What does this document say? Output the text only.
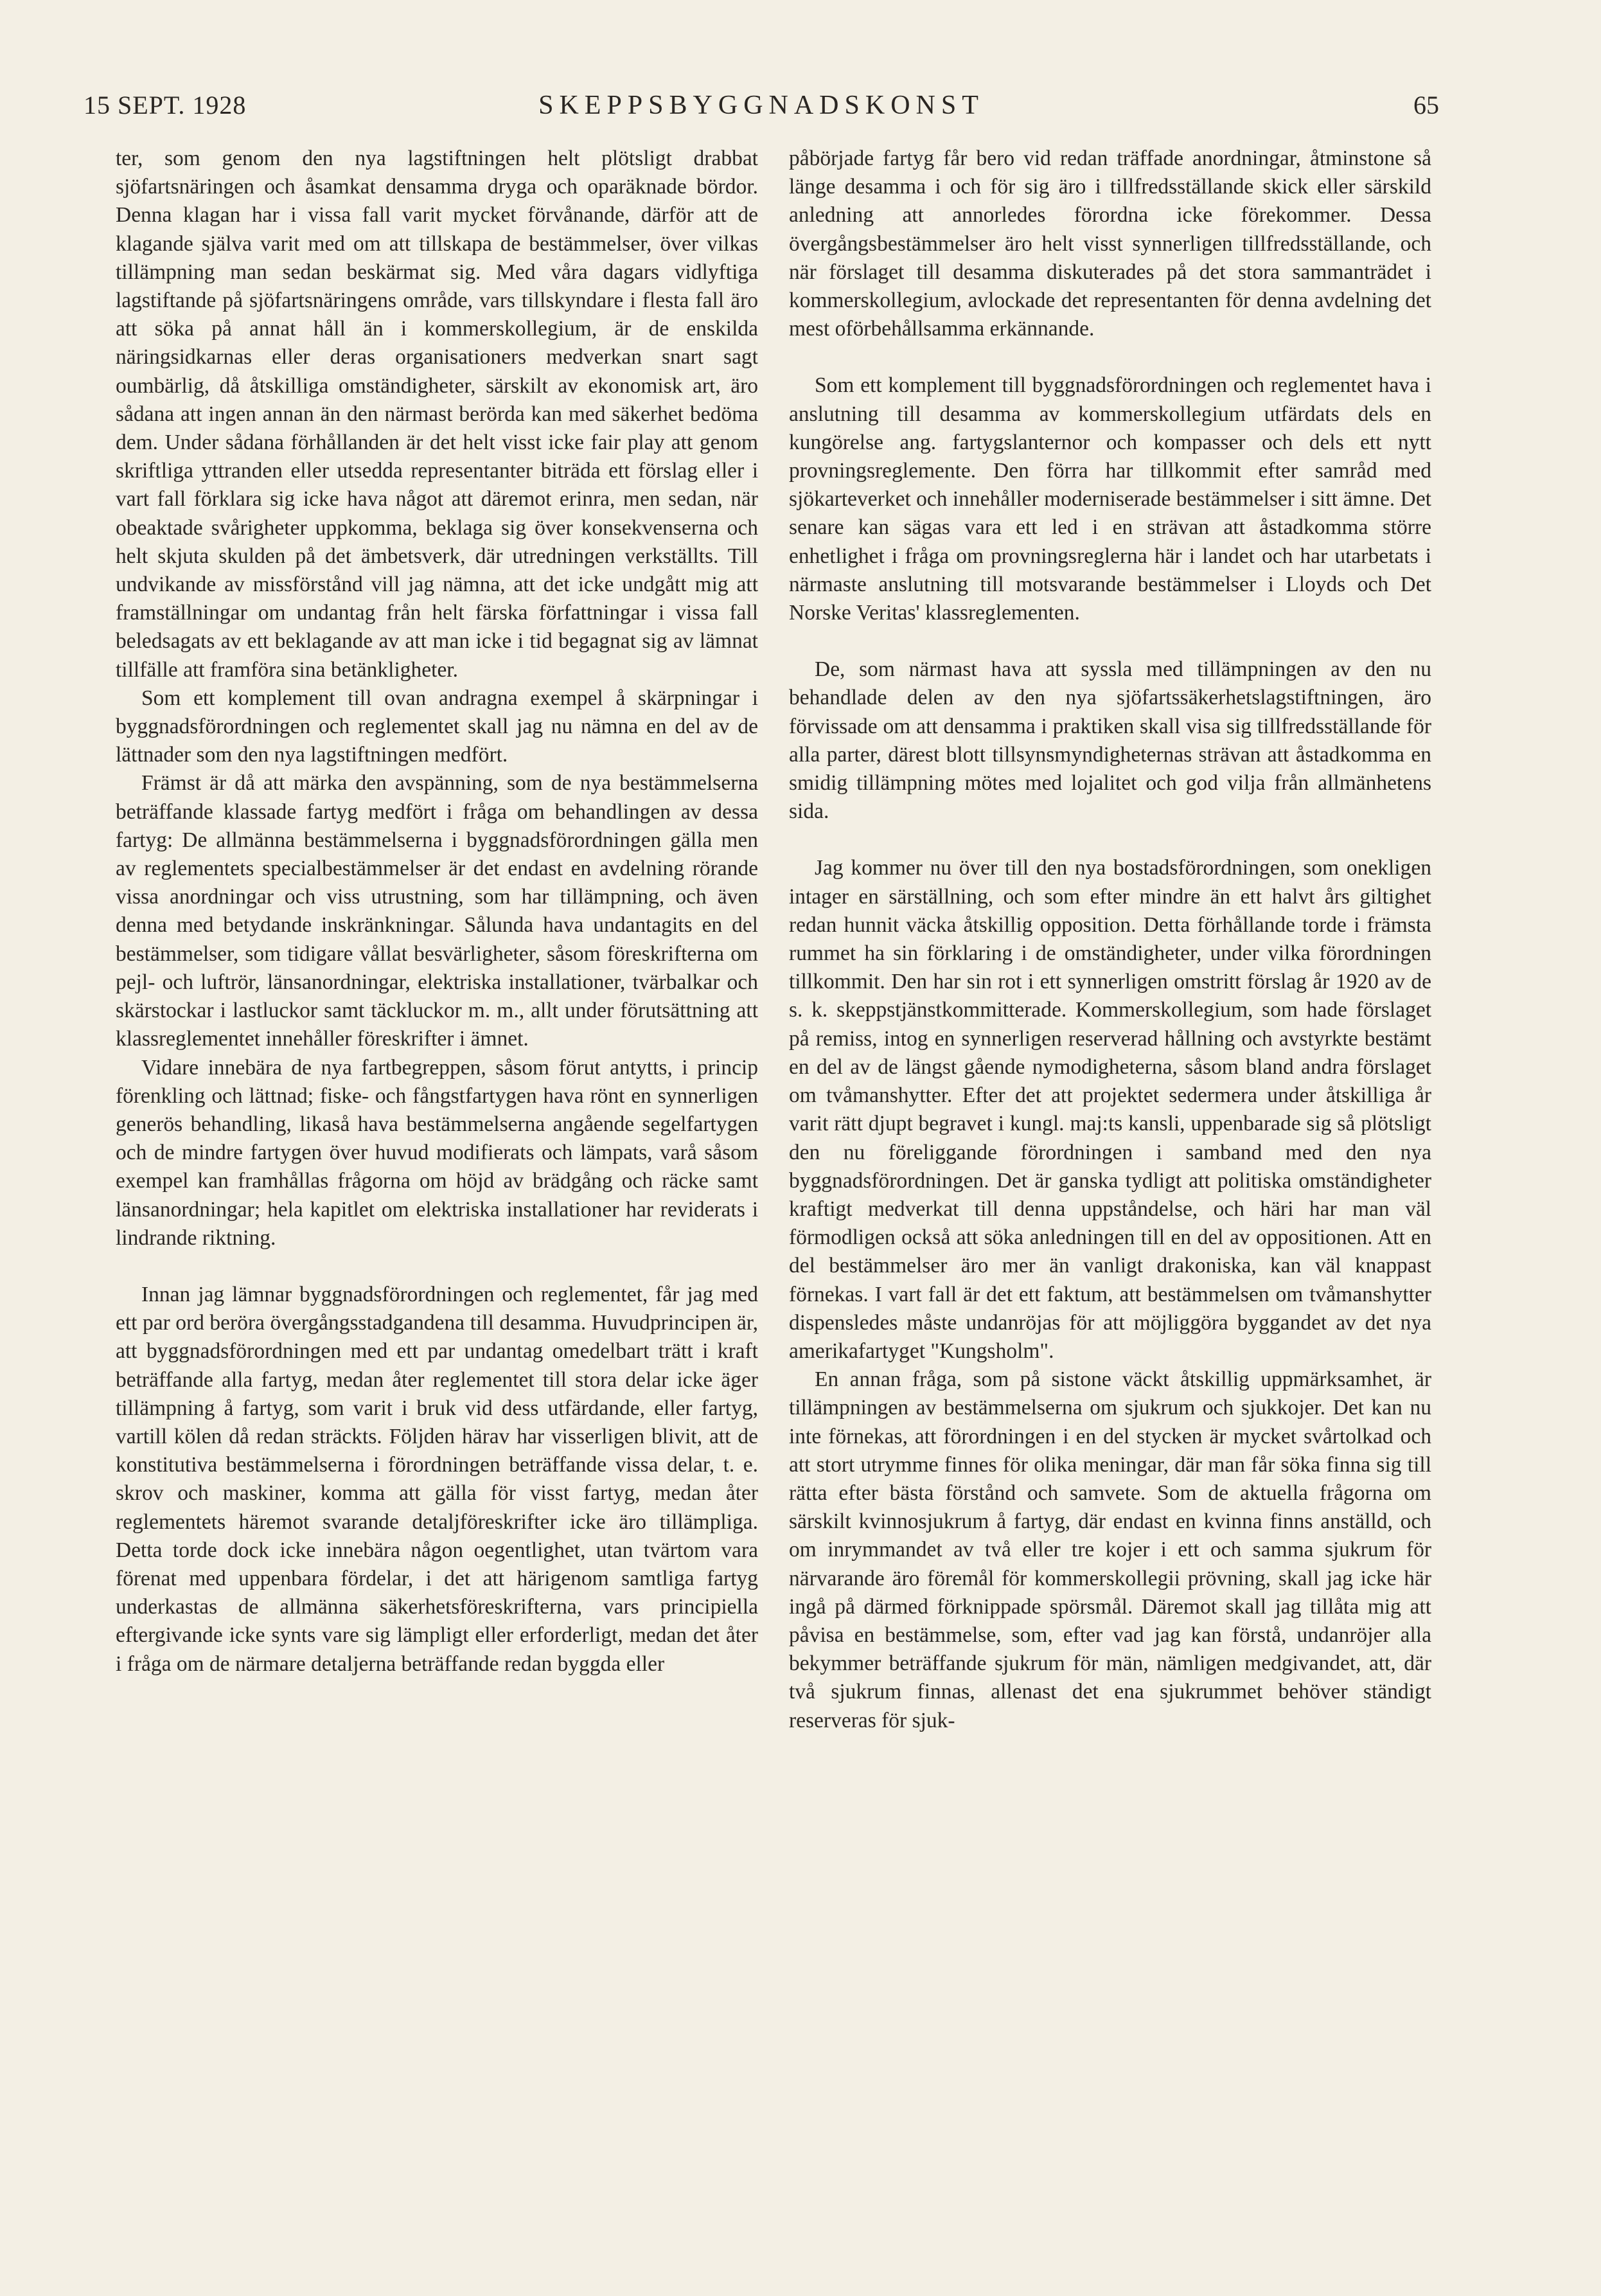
15 SEPT. 1928	SKEPPSBYGGNADSKONST	65

ter, som genom den nya lagstiftningen helt plötsligt drabbat sjöfartsnäringen och åsamkat densamma dryga och oparäknade bördor. Denna klagan har i vissa fall varit mycket förvånande, därför att de klagande själva varit med om att tillskapa de bestämmelser, över vilkas tillämpning man sedan beskärmat sig. Med våra dagars vidlyftiga lagstiftande på sjöfartsnäringens område, vars tillskyndare i flesta fall äro att söka på annat håll än i kommerskollegium, är de enskilda näringsidkarnas eller deras organisationers medverkan snart sagt oumbärlig, då åtskilliga omständigheter, särskilt av ekonomisk art, äro sådana att ingen annan än den närmast berörda kan med säkerhet bedöma dem. Under sådana förhållanden är det helt visst icke fair play att genom skriftliga yttranden eller utsedda representanter biträda ett förslag eller i vart fall förklara sig icke hava något att däremot erinra, men sedan, när obeaktade svårigheter uppkomma, beklaga sig över konsekvenserna och helt skjuta skulden på det ämbetsverk, där utredningen verkställts. Till undvikande av missförstånd vill jag nämna, att det icke undgått mig att framställningar om undantag från helt färska författningar i vissa fall beledsagats av ett beklagande av att man icke i tid begagnat sig av lämnat tillfälle att framföra sina betänkligheter.

Som ett komplement till ovan andragna exempel å skärpningar i byggnadsförordningen och reglementet skall jag nu nämna en del av de lättnader som den nya lagstiftningen medfört.

Främst är då att märka den avspänning, som de nya bestämmelserna beträffande klassade fartyg medfört i fråga om behandlingen av dessa fartyg: De allmänna bestämmelserna i byggnadsförordningen gälla men av reglementets specialbestämmelser är det endast en avdelning rörande vissa anordningar och viss utrustning, som har tillämpning, och även denna med betydande inskränkningar. Sålunda hava undantagits en del bestämmelser, som tidigare vållat besvärligheter, såsom föreskrifterna om pejl- och luftrör, länsanordningar, elektriska installationer, tvärbalkar och skärstockar i lastluckor samt täckluckor m. m., allt under förutsättning att klassreglementet innehåller föreskrifter i ämnet.

Vidare innebära de nya fartbegreppen, såsom förut antytts, i princip förenkling och lättnad; fiske- och fångstfartygen hava rönt en synnerligen generös behandling, likaså hava bestämmelserna angående segelfartygen och de mindre fartygen över huvud modifierats och lämpats, varå såsom exempel kan framhållas frågorna om höjd av brädgång och räcke samt länsanordningar; hela kapitlet om elektriska installationer har reviderats i lindrande riktning.

Innan jag lämnar byggnadsförordningen och reglementet, får jag med ett par ord beröra övergångsstadgandena till desamma. Huvudprincipen är, att byggnadsförordningen med ett par undantag omedelbart trätt i kraft beträffande alla fartyg, medan åter reglementet till stora delar icke äger tillämpning å fartyg, som varit i bruk vid dess utfärdande, eller fartyg, vartill kölen då redan sträckts. Följden härav har visserligen blivit, att de konstitutiva bestämmelserna i förordningen beträffande vissa delar, t. e. skrov och maskiner, komma att gälla för visst fartyg, medan åter reglementets häremot svarande detaljföreskrifter icke äro tillämpliga. Detta torde dock icke innebära någon oegentlighet, utan tvärtom vara förenat med uppenbara fördelar, i det att härigenom samtliga fartyg underkastas de allmänna säkerhetsföreskrifterna, vars principiella eftergivande icke synts vare sig lämpligt eller erforderligt, medan det åter i fråga om de närmare detaljerna beträffande redan byggda eller

påbörjade fartyg får bero vid redan träffade anordningar, åtminstone så länge desamma i och för sig äro i tillfredsställande skick eller särskild anledning att annorledes förordna icke förekommer. Dessa övergångsbestämmelser äro helt visst synnerligen tillfredsställande, och när förslaget till desamma diskuterades på det stora sammanträdet i kommerskollegium, avlockade det representanten för denna avdelning det mest oförbehållsamma erkännande.

Som ett komplement till byggnadsförordningen och reglementet hava i anslutning till desamma av kommerskollegium utfärdats dels en kungörelse ang. fartygslanternor och kompasser och dels ett nytt provningsreglemente. Den förra har tillkommit efter samråd med sjökarteverket och innehåller moderniserade bestämmelser i sitt ämne. Det senare kan sägas vara ett led i en strävan att åstadkomma större enhetlighet i fråga om provningsreglerna här i landet och har utarbetats i närmaste anslutning till motsvarande bestämmelser i Lloyds och Det Norske Veritas' klassreglementen.

De, som närmast hava att syssla med tillämpningen av den nu behandlade delen av den nya sjöfartssäkerhetslagstiftningen, äro förvissade om att densamma i praktiken skall visa sig tillfredsställande för alla parter, därest blott tillsynsmyndigheternas strävan att åstadkomma en smidig tillämpning mötes med lojalitet och god vilja från allmänhetens sida.

Jag kommer nu över till den nya bostadsförordningen, som onekligen intager en särställning, och som efter mindre än ett halvt års giltighet redan hunnit väcka åtskillig opposition. Detta förhållande torde i främsta rummet ha sin förklaring i de omständigheter, under vilka förordningen tillkommit. Den har sin rot i ett synnerligen omstritt förslag år 1920 av de s. k. skeppstjänstkommitterade. Kommerskollegium, som hade förslaget på remiss, intog en synnerligen reserverad hållning och avstyrkte bestämt en del av de längst gående nymodigheterna, såsom bland andra förslaget om tvåmanshytter. Efter det att projektet sedermera under åtskilliga år varit rätt djupt begravet i kungl. maj:ts kansli, uppenbarade sig så plötsligt den nu föreliggande förordningen i samband med den nya byggnadsförordningen. Det är ganska tydligt att politiska omständigheter kraftigt medverkat till denna uppståndelse, och häri har man väl förmodligen också att söka anledningen till en del av oppositionen. Att en del bestämmelser äro mer än vanligt drakoniska, kan väl knappast förnekas. I vart fall är det ett faktum, att bestämmelsen om tvåmanshytter dispensledes måste undanröjas för att möjliggöra byggandet av det nya amerikafartyget "Kungsholm".

En annan fråga, som på sistone väckt åtskillig uppmärksamhet, är tillämpningen av bestämmelserna om sjukrum och sjukkojer. Det kan nu inte förnekas, att förordningen i en del stycken är mycket svårtolkad och att stort utrymme finnes för olika meningar, där man får söka finna sig till rätta efter bästa förstånd och samvete. Som de aktuella frågorna om särskilt kvinnosjukrum å fartyg, där endast en kvinna finns anställd, och om inrymmandet av två eller tre kojer i ett och samma sjukrum för närvarande äro föremål för kommerskollegii prövning, skall jag icke här ingå på därmed förknippade spörsmål. Däremot skall jag tillåta mig att påvisa en bestämmelse, som, efter vad jag kan förstå, undanröjer alla bekymmer beträffande sjukrum för män, nämligen medgivandet, att, där två sjukrum finnas, allenast det ena sjukrummet behöver ständigt reserveras för sjuk-
